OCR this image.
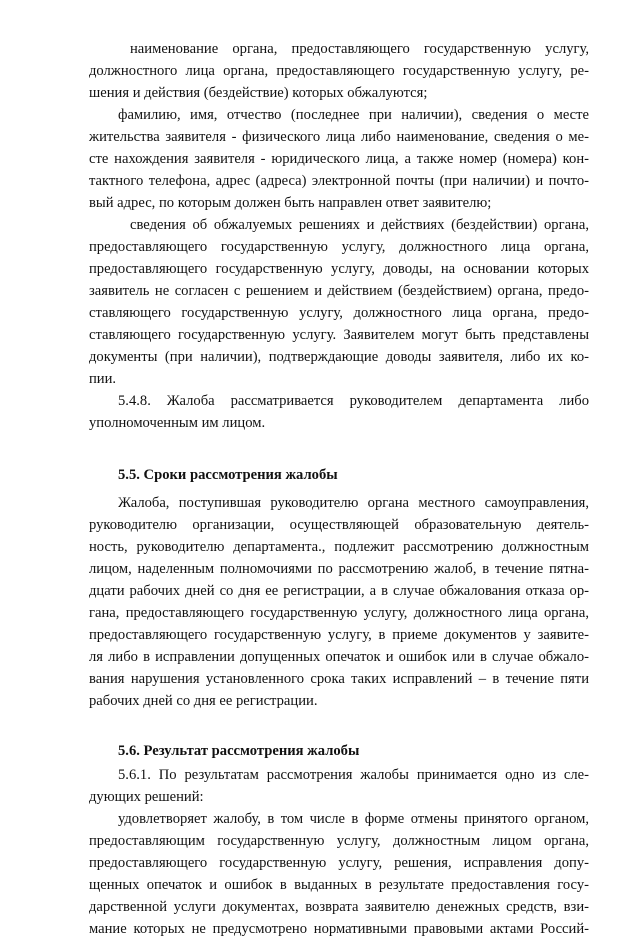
наименование органа, предоставляющего государственную услугу,
должностного лица органа, предоставляющего государственную услугу, ре-
шения и действия (бездействие) которых обжалуются;
фамилию, имя, отчество (последнее при наличии), сведения о месте
жительства заявителя - физического лица либо наименование, сведения о ме-
сте нахождения заявителя - юридического лица, а также номер (номера) кон-
тактного телефона, адрес (адреса) электронной почты (при наличии) и почто-
вый адрес, по которым должен быть направлен ответ заявителю;
сведения об обжалуемых решениях и действиях (бездействии) органа,
предоставляющего государственную услугу, должностного лица органа,
предоставляющего государственную услугу, доводы, на основании которых
заявитель не согласен с решением и действием (бездействием) органа, предо-
ставляющего государственную услугу, должностного лица органа, предо-
ставляющего государственную услугу. Заявителем могут быть представлены
документы (при наличии), подтверждающие доводы заявителя, либо их ко-
пии.
5.4.8. Жалоба рассматривается руководителем департамента либо
уполномоченным им лицом.
5.5. Сроки рассмотрения жалобы
Жалоба, поступившая руководителю органа местного самоуправления,
руководителю организации, осуществляющей образовательную деятель-
ность, руководителю департамента., подлежит рассмотрению должностным
лицом, наделенным полномочиями по рассмотрению жалоб, в течение пятна-
дцати рабочих дней со дня ее регистрации, а в случае обжалования отказа ор-
гана, предоставляющего государственную услугу, должностного лица органа,
предоставляющего государственную услугу, в приеме документов у заявите-
ля либо в исправлении допущенных опечаток и ошибок или в случае обжало-
вания нарушения установленного срока таких исправлений – в течение пяти
рабочих дней со дня ее регистрации.
5.6. Результат рассмотрения жалобы
5.6.1. По результатам рассмотрения жалобы принимается одно из сле-
дующих решений:
удовлетворяет жалобу, в том числе в форме отмены принятого органом,
предоставляющим государственную услугу, должностным лицом органа,
предоставляющего государственную услугу, решения, исправления допу-
щенных опечаток и ошибок в выданных в результате предоставления госу-
дарственной услуги документах, возврата заявителю денежных средств, взи-
мание которых не предусмотрено нормативными правовыми актами Россий-
